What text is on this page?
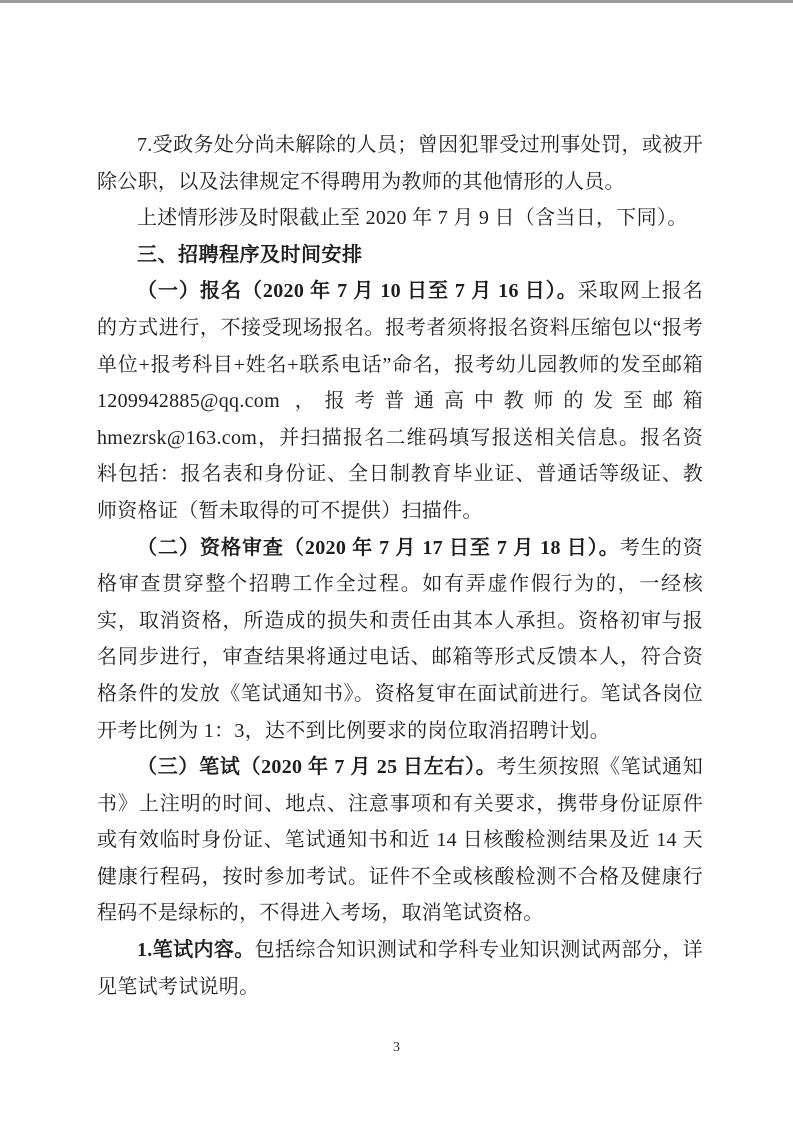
7.受政务处分尚未解除的人员；曾因犯罪受过刑事处罚，或被开除公职，以及法律规定不得聘用为教师的其他情形的人员。

上述情形涉及时限截止至 2020 年 7 月 9 日（含当日，下同）。

三、招聘程序及时间安排

（一）报名（2020 年 7 月 10 日至 7 月 16 日）。采取网上报名的方式进行，不接受现场报名。报考者须将报名资料压缩包以“报考单位+报考科目+姓名+联系电话”命名，报考幼儿园教师的发至邮箱 1209942885@qq.com ，报考普通高中教师的发至邮箱 hmezrsk@163.com，并扫描报名二维码填写报送相关信息。报名资料包括：报名表和身份证、全日制教育毕业证、普通话等级证、教师资格证（暂未取得的可不提供）扫描件。

（二）资格审查（2020 年 7 月 17 日至 7 月 18 日）。考生的资格审查贯穿整个招聘工作全过程。如有弄虚作假行为的，一经核实，取消资格，所造成的损失和责任由其本人承担。资格初审与报名同步进行，审查结果将通过电话、邮箱等形式反馈本人，符合资格条件的发放《笔试通知书》。资格复审在面试前进行。笔试各岗位开考比例为 1：3，达不到比例要求的岗位取消招聘计划。

（三）笔试（2020 年 7 月 25 日左右）。考生须按照《笔试通知书》上注明的时间、地点、注意事项和有关要求，携带身份证原件或有效临时身份证、笔试通知书和近 14 日核酸检测结果及近 14 天健康行程码，按时参加考试。证件不全或核酸检测不合格及健康行程码不是绿标的，不得进入考场，取消笔试资格。

1.笔试内容。包括综合知识测试和学科专业知识测试两部分，详见笔试考试说明。

3
